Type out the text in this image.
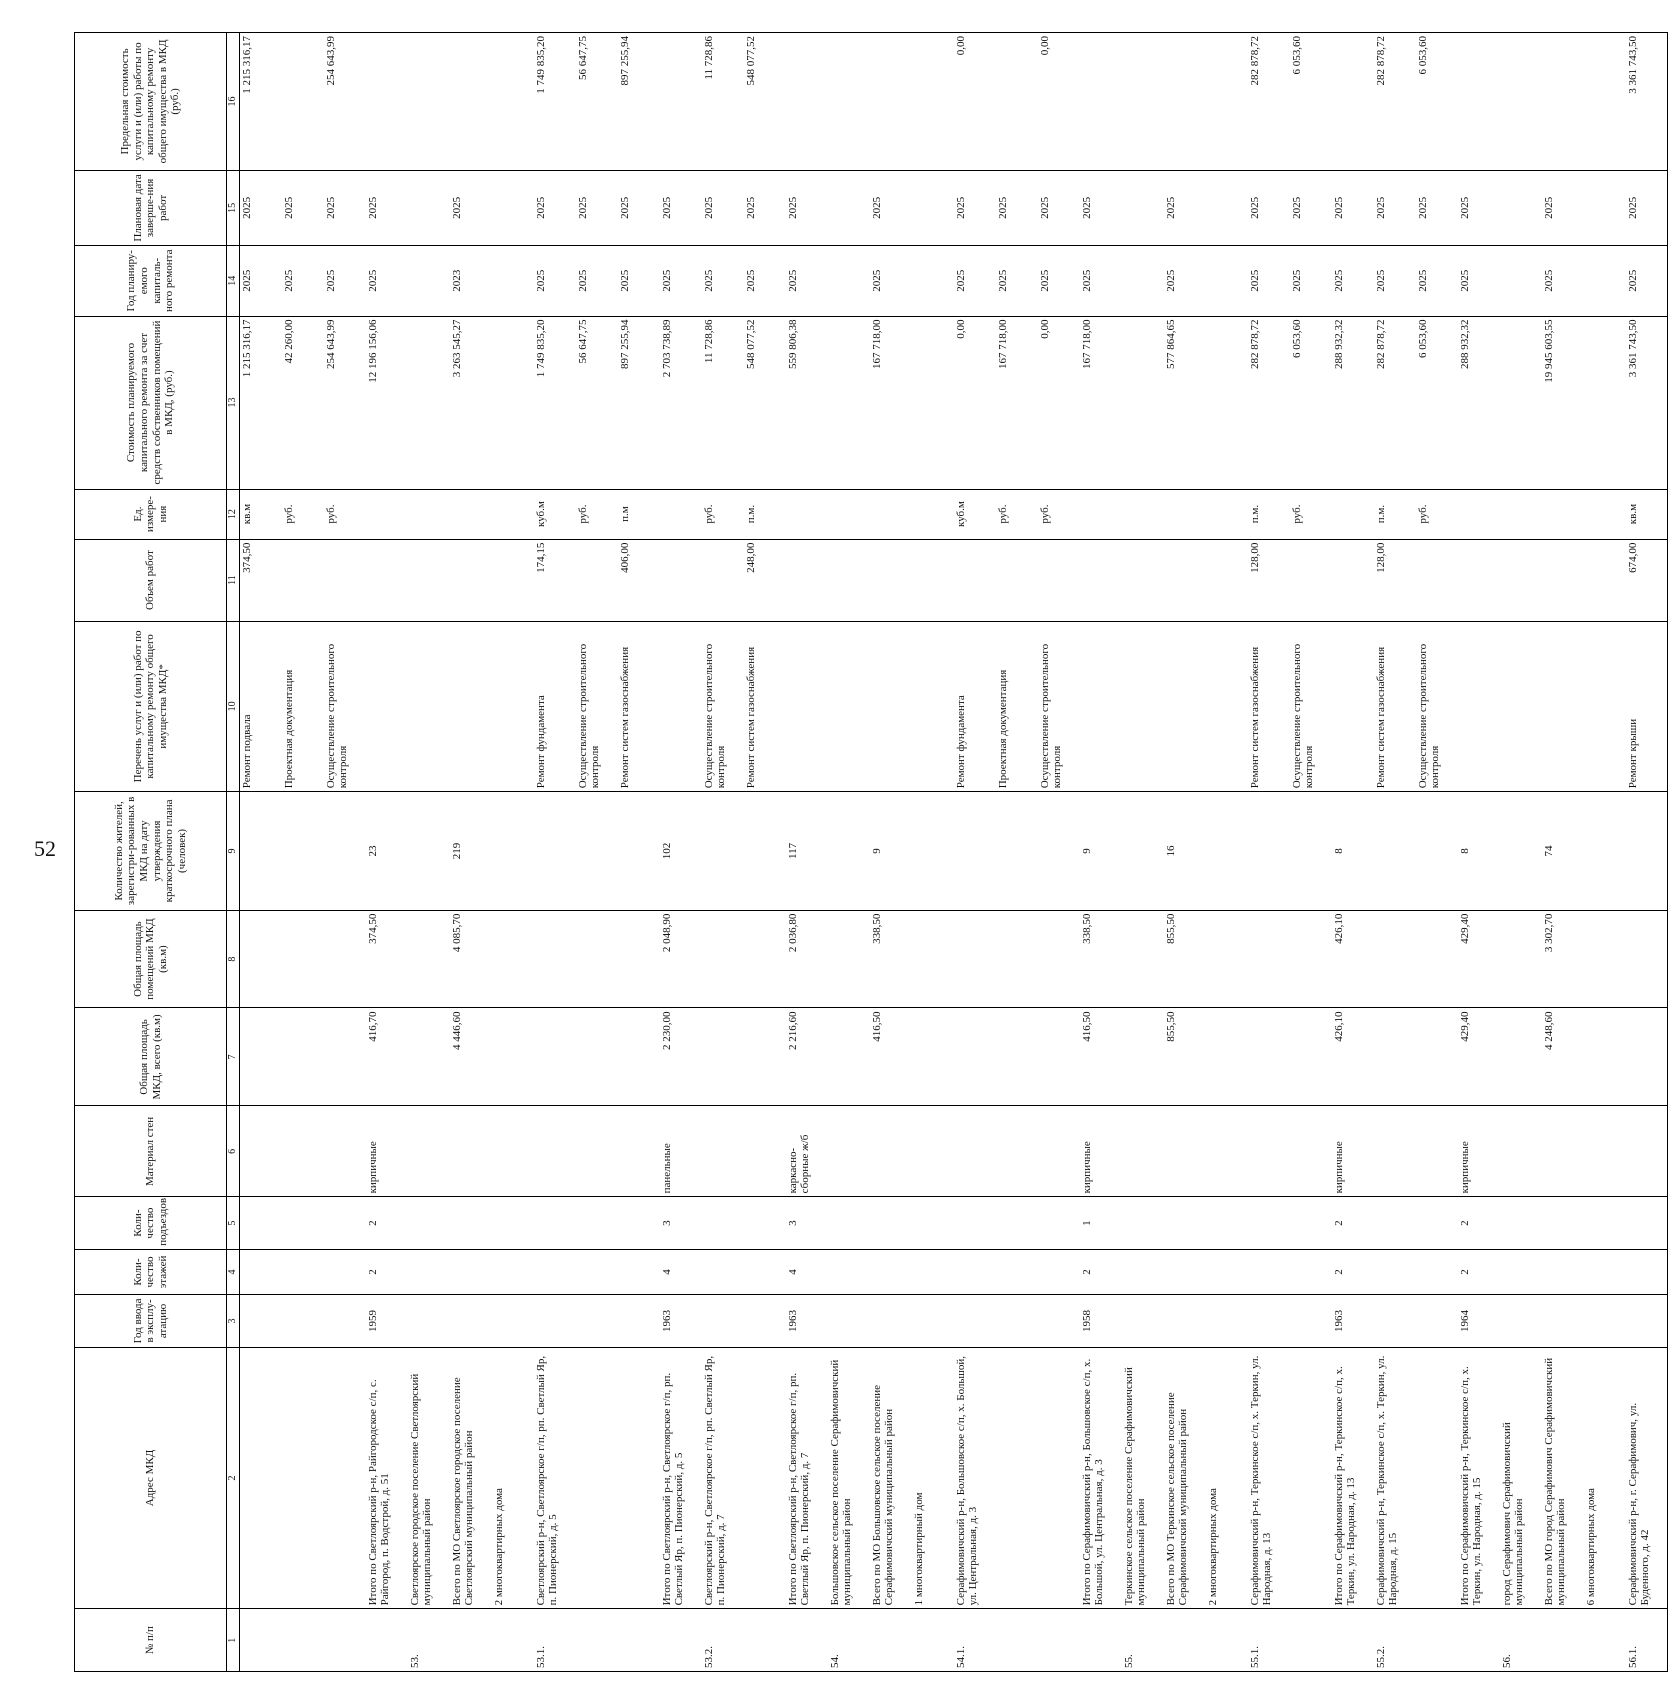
52
№ п/п	Адрес МКД	Год ввода в эксплу-атацию	Коли-чество этажей	Коли-чество подъездов	Материал стен	Общая площадь МКД, всего (кв.м)	Общая площадь помещений МКД (кв.м)	Количество жителей, зарегистри-рованных в МКД на дату утверждения краткосрочного плана (человек)	Перечень услуг и (или) работ по капитальному ремонту общего имущества МКД*	Объем работ	Ед. измере-ния	Стоимость планируемого капитального ремонта за счет средств собственников помещений в МКД, (руб.)	Год планиру-емого капиталь-ного ремонта	Плановая дата заверше-ния работ	Предельная стоимость услуги и (или) работы по капитальному ремонту общего имущества в МКД (руб.)
1	2	3	4	5	6	7	8	9	10	11	12	13	14	15	16
									Ремонт подвала	374,50	кв.м	1 215 316,17	2025	2025	1 215 316,17
									Проектная документация		руб.	42 260,00	2025	2025	
									Осуществление строительного контроля		руб.	254 643,99	2025	2025	254 643,99
	Итого по Светлоярский р-н, Райгородское с/п, с. Райгород, п. Водстрой, д. 51	1959	2	2	кирпичные	416,70	374,50	23				12 196 156,06	2025	2025	
53.	Светлоярское городское поселение Светлоярский муниципальный район														
	Всего по МО Светлоярское городское поселение Светлоярский муниципальный район					4 446,60	4 085,70	219				3 263 545,27	2023	2025	
	2 многоквартирных дома														
53.1.	Светлоярский р-н, Светлоярское г/п, рп. Светлый Яр, п. Пионерский, д. 5								Ремонт фундамента	174,15	куб.м	1 749 835,20	2025	2025	1 749 835,20
									Осуществление строительного контроля		руб.	56 647,75	2025	2025	56 647,75
									Ремонт систем газоснабжения	406,00	п.м	897 255,94	2025	2025	897 255,94
	Итого по Светлоярский р-н, Светлоярское г/п, рп. Светлый Яр, п. Пионерский, д. 5	1963	4	3	панельные	2 230,00	2 048,90	102				2 703 738,89	2025	2025	
53.2.	Светлоярский р-н, Светлоярское г/п, рп. Светлый Яр, п. Пионерский, д. 7								Осуществление строительного контроля		руб.	11 728,86	2025	2025	11 728,86
									Ремонт систем газоснабжения	248,00	п.м.	548 077,52	2025	2025	548 077,52
	Итого по Светлоярский р-н, Светлоярское г/п, рп. Светлый Яр, п. Пионерский, д. 7	1963	4	3	каркасно-сборные ж/б	2 216,60	2 036,80	117				559 806,38	2025	2025	
54.	Большовское сельское поселение Серафимовичский муниципальный район														
	Всего по МО Большовское сельское поселение Серафимовичский муниципальный район					416,50	338,50	9				167 718,00	2025	2025	
	1 многоквартирный дом														
54.1.	Серафимовичский р-н, Большовское с/п, х. Большой, ул. Центральная, д. 3								Ремонт фундамента		куб.м	0,00	2025	2025	0,00
									Проектная документация		руб.	167 718,00	2025	2025	
									Осуществление строительного контроля		руб.	0,00	2025	2025	0,00
	Итого по Серафимовичский р-н, Большовское с/п, х. Большой, ул. Центральная, д. 3	1958	2	1	кирпичные	416,50	338,50	9				167 718,00	2025	2025	
55.	Теркинское сельское поселение Серафимовичский муниципальный район														
	Всего по МО Теркинское сельское поселение Серафимовичский муниципальный район					855,50	855,50	16				577 864,65	2025	2025	
	2 многоквартирных дома														
55.1.	Серафимовичский р-н, Теркинское с/п, х. Теркин, ул. Народная, д. 13								Ремонт систем газоснабжения	128,00	п.м.	282 878,72	2025	2025	282 878,72
									Осуществление строительного контроля		руб.	6 053,60	2025	2025	6 053,60
	Итого по Серафимовичский р-н, Теркинское с/п, х. Теркин, ул. Народная, д. 13	1963	2	2	кирпичные	426,10	426,10	8				288 932,32	2025	2025	
55.2.	Серафимовичский р-н, Теркинское с/п, х. Теркин, ул. Народная, д. 15								Ремонт систем газоснабжения	128,00	п.м.	282 878,72	2025	2025	282 878,72
									Осуществление строительного контроля		руб.	6 053,60	2025	2025	6 053,60
	Итого по Серафимовичский р-н, Теркинское с/п, х. Теркин, ул. Народная, д. 15	1964	2	2	кирпичные	429,40	429,40	8				288 932,32	2025	2025	
56.	город Серафимович Серафимовичский муниципальный район														
	Всего по МО город Серафимович Серафимовичский муниципальный район					4 248,60	3 302,70	74				19 945 603,55	2025	2025	
	6 многоквартирных дома														
56.1.	Серафимовичский р-н, г. Серафимович, ул. Буденного, д. 42								Ремонт крыши	674,00	кв.м	3 361 743,50	2025	2025	3 361 743,50
